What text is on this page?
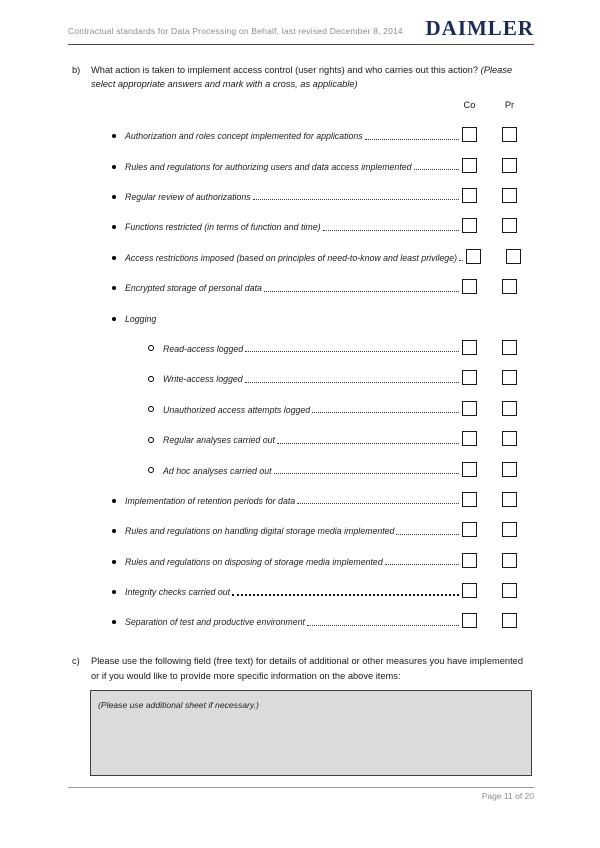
Contractual standards for Data Processing on Behalf, last revised December 8, 2014 DAIMLER
b)	What action is taken to implement access control (user rights) and who carries out this action? (Please select appropriate answers and mark with a cross, as applicable)
Co	Pr
Authorization and roles concept implemented for applications
Rules and regulations for authorizing users and data access implemented
Regular review of authorizations
Functions restricted (in terms of function and time)
Access restrictions imposed (based on principles of need-to-know and least privilege)
Encrypted storage of personal data
Logging
Read-access logged
Write-access logged
Unauthorized access attempts logged
Regular analyses carried out
Ad hoc analyses carried out
Implementation of retention periods for data
Rules and regulations on handling digital storage media implemented
Rules and regulations on disposing of storage media implemented
Integrity checks carried out
Separation of test and productive environment
c)	Please use the following field (free text) for details of additional or other measures you have implemented or if you would like to provide more specific information on the above items:
(Please use additional sheet if necessary.)
Page 11 of 20
